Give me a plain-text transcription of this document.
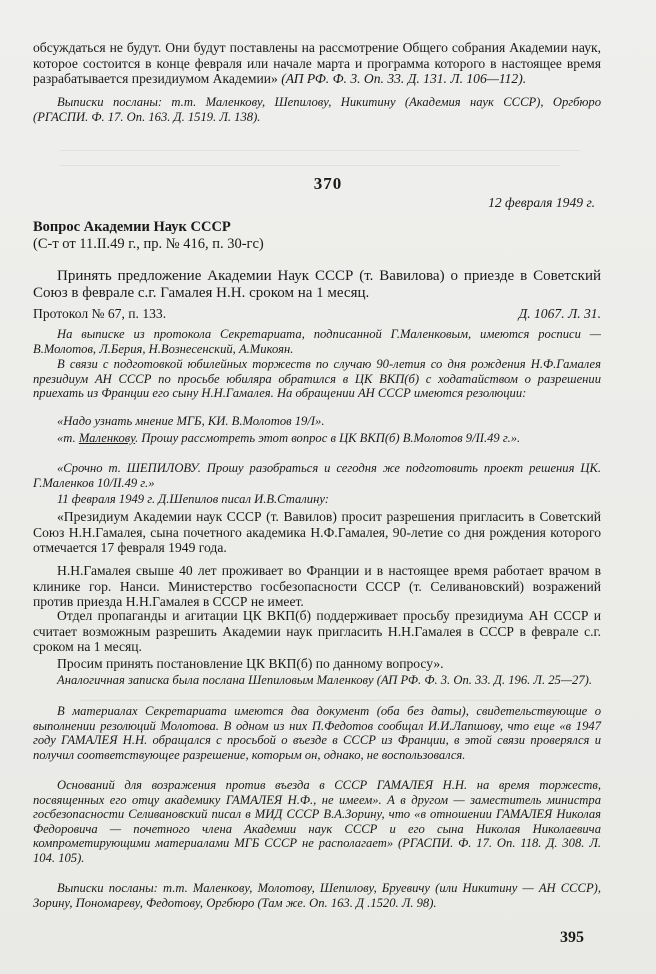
обсуждаться не будут. Они будут поставлены на рассмотрение Общего собрания Академии наук, которое состоится в конце февраля или начале марта и программа которого в настоящее время разрабатывается президиумом Академии» (АП РФ. Ф. 3. Оп. 33. Д. 131. Л. 106—112).

Выписки посланы: т.т. Маленкову, Шепилову, Никитину (Академия наук СССР), Оргбюро (РГАСПИ. Ф. 17. Оп. 163. Д. 1519. Л. 138).

370
12 февраля 1949 г.

Вопрос Академии Наук СССР

(С-т от 11.II.49 г., пр. № 416, п. 30-гс)

Принять предложение Академии Наук СССР (т. Вавилова) о приезде в Советский Союз в феврале с.г. Гамалея Н.Н. сроком на 1 месяц.

Протокол № 67, п. 133.	Д. 1067. Л. 31.

На выписке из протокола Секретариата, подписанной Г.Маленковым, имеются росписи — В.Молотов, Л.Берия, Н.Вознесенский, А.Микоян.

В связи с подготовкой юбилейных торжеств по случаю 90-летия со дня рождения Н.Ф.Гамалея президиум АН СССР по просьбе юбиляра обратился в ЦК ВКП(б) с ходатайством о разрешении приехать из Франции его сыну Н.Н.Гамалея. На обращении АН СССР имеются резолюции:

«Надо узнать мнение МГБ, КИ. В.Молотов 19/I».

«т. Маленкову. Прошу рассмотреть этот вопрос в ЦК ВКП(б) В.Молотов 9/II.49 г.».

«Срочно т. ШЕПИЛОВУ. Прошу разобраться и сегодня же подготовить проект решения ЦК. Г.Маленков 10/II.49 г.»

11 февраля 1949 г. Д.Шепилов писал И.В.Сталину:

«Президиум Академии наук СССР (т. Вавилов) просит разрешения пригласить в Советский Союз Н.Н.Гамалея, сына почетного академика Н.Ф.Гамалея, 90-летие со дня рождения которого отмечается 17 февраля 1949 года.

Н.Н.Гамалея свыше 40 лет проживает во Франции и в настоящее время работает врачом в клинике гор. Нанси. Министерство госбезопасности СССР (т. Селивановский) возражений против приезда Н.Н.Гамалея в СССР не имеет.

Отдел пропаганды и агитации ЦК ВКП(б) поддерживает просьбу президиума АН СССР и считает возможным разрешить Академии наук пригласить Н.Н.Гамалея в СССР в феврале с.г. сроком на 1 месяц.

Просим принять постановление ЦК ВКП(б) по данному вопросу».

Аналогичная записка была послана Шепиловым Маленкову (АП РФ. Ф. 3. Оп. 33. Д. 196. Л. 25—27).

В материалах Секретариата имеются два документ (оба без даты), свидетельствующие о выполнении резолюций Молотова. В одном из них П.Федотов сообщал И.И.Лапшову, что еще «в 1947 году ГАМАЛЕЯ Н.Н. обращался с просьбой о въезде в СССР из Франции, в этой связи проверялся и получил соответствующее разрешение, которым он, однако, не воспользовался.

Оснований для возражения против въезда в СССР ГАМАЛЕЯ Н.Н. на время торжеств, посвященных его отцу академику ГАМАЛЕЯ Н.Ф., не имеем». А в другом — заместитель министра госбезопасности Селивановский писал в МИД СССР В.А.Зорину, что «в отношении ГАМАЛЕЯ Николая Федоровича — почетного члена Академии наук СССР и его сына Николая Николаевича компрометирующими материалами МГБ СССР не располагает» (РГАСПИ. Ф. 17. Оп. 118. Д. 308. Л. 104. 105).

Выписки посланы: т.т. Маленкову, Молотову, Шепилову, Бруевичу (или Никитину — АН СССР), Зорину, Пономареву, Федотову, Оргбюро (Там же. Оп. 163. Д .1520. Л. 98).

395
